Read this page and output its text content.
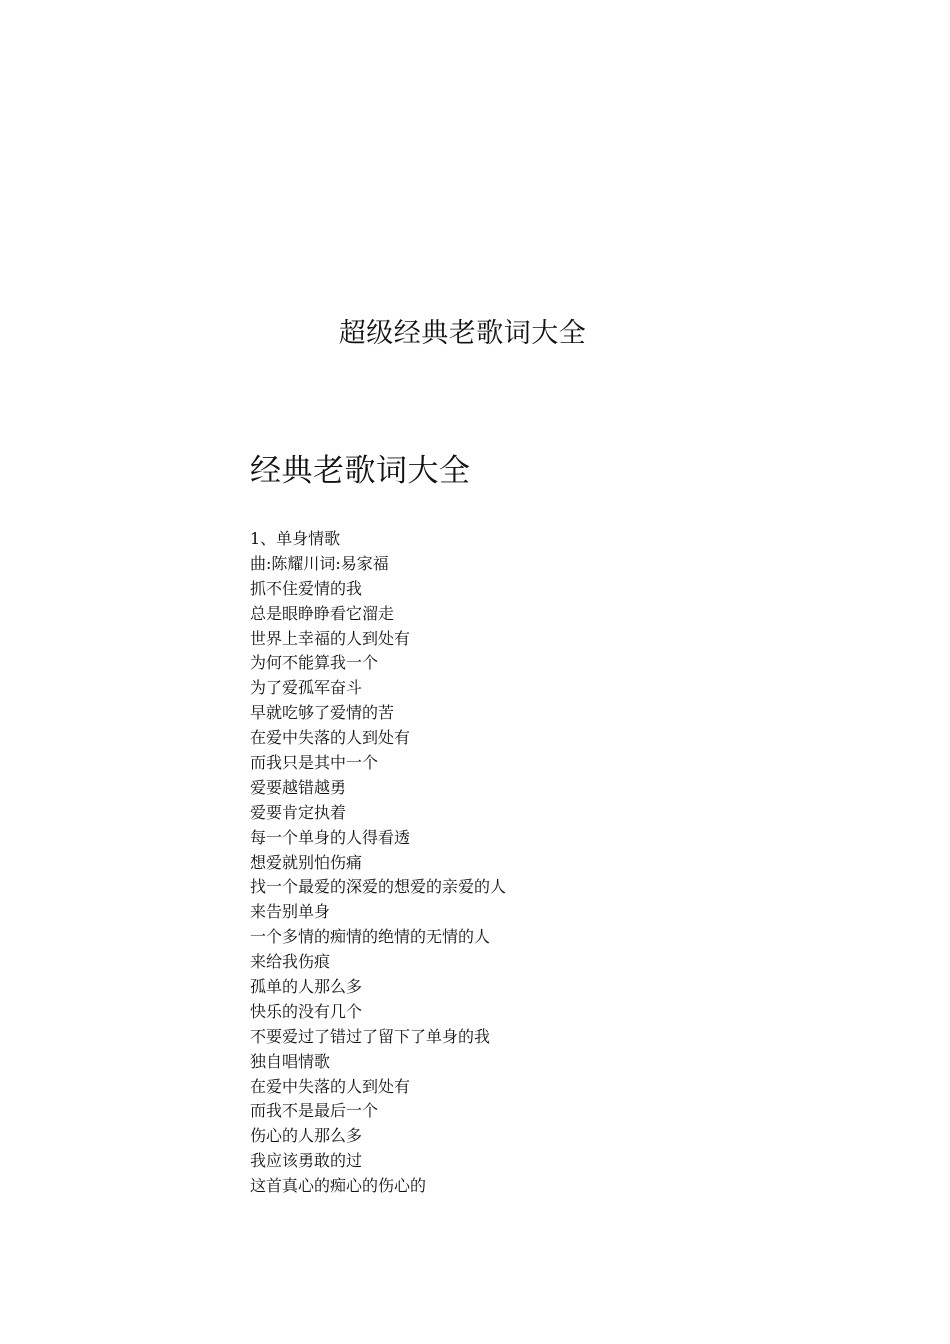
超级经典老歌词大全
经典老歌词大全
1、单身情歌
曲:陈耀川词:易家福
抓不住爱情的我
总是眼睁睁看它溜走
世界上幸福的人到处有
为何不能算我一个
为了爱孤军奋斗
早就吃够了爱情的苦
在爱中失落的人到处有
而我只是其中一个
爱要越错越勇
爱要肯定执着
每一个单身的人得看透
想爱就别怕伤痛
找一个最爱的深爱的想爱的亲爱的人
来告别单身
一个多情的痴情的绝情的无情的人
来给我伤痕
孤单的人那么多
快乐的没有几个
不要爱过了错过了留下了单身的我
独自唱情歌
在爱中失落的人到处有
而我不是最后一个
伤心的人那么多
我应该勇敢的过
这首真心的痴心的伤心的
